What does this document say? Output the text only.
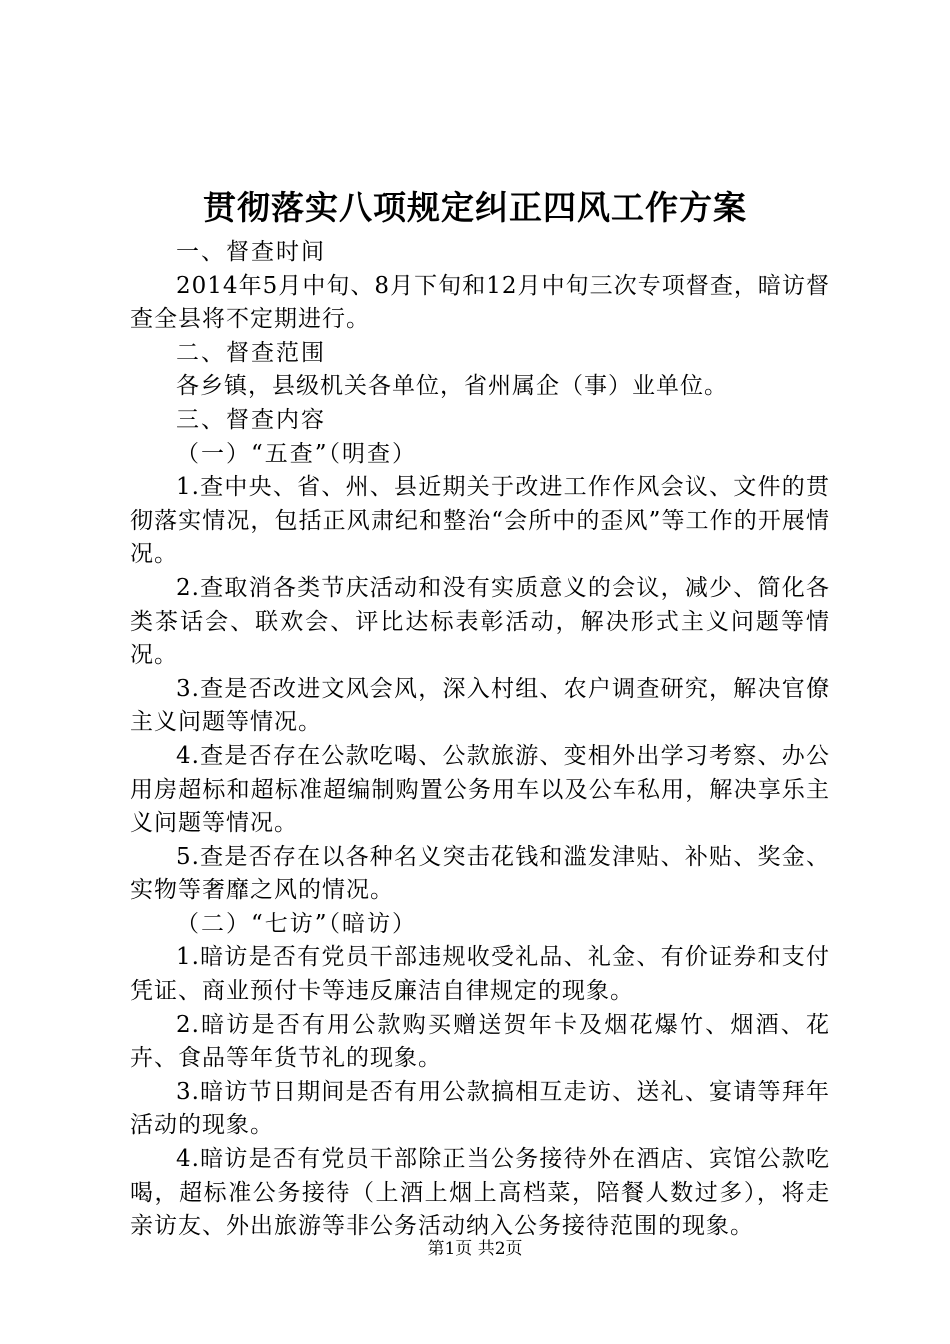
贯彻落实八项规定纠正四风工作方案

一、督查时间

2014年5月中旬、8月下旬和12月中旬三次专项督查，暗访督查全县将不定期进行。

二、督查范围

各乡镇，县级机关各单位，省州属企（事）业单位。

三、督查内容

（一）“五查”（明查）

1.查中央、省、州、县近期关于改进工作作风会议、文件的贯彻落实情况，包括正风肃纪和整治“会所中的歪风”等工作的开展情况。

2.查取消各类节庆活动和没有实质意义的会议，减少、简化各类茶话会、联欢会、评比达标表彰活动，解决形式主义问题等情况。

3.查是否改进文风会风，深入村组、农户调查研究，解决官僚主义问题等情况。

4.查是否存在公款吃喝、公款旅游、变相外出学习考察、办公用房超标和超标准超编制购置公务用车以及公车私用，解决享乐主义问题等情况。

5.查是否存在以各种名义突击花钱和滥发津贴、补贴、奖金、实物等奢靡之风的情况。

（二）“七访”（暗访）

1.暗访是否有党员干部违规收受礼品、礼金、有价证券和支付凭证、商业预付卡等违反廉洁自律规定的现象。

2.暗访是否有用公款购买赠送贺年卡及烟花爆竹、烟酒、花卉、食品等年货节礼的现象。

3.暗访节日期间是否有用公款搞相互走访、送礼、宴请等拜年活动的现象。

4.暗访是否有党员干部除正当公务接待外在酒店、宾馆公款吃喝，超标准公务接待（上酒上烟上高档菜，陪餐人数过多），将走亲访友、外出旅游等非公务活动纳入公务接待范围的现象。

第1页 共2页
